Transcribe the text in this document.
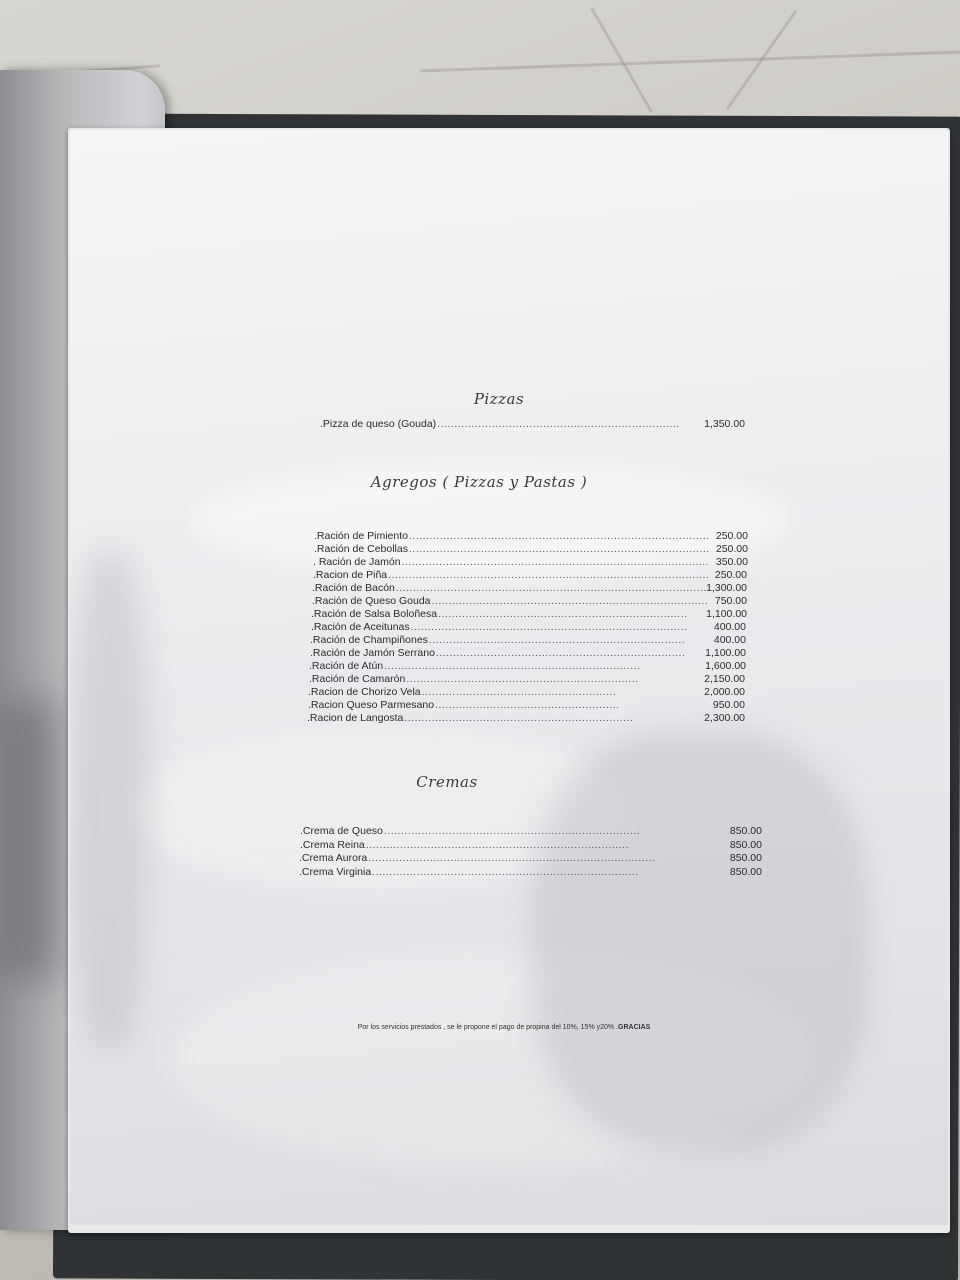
Pizzas
.Pizza de queso (Gouda) .....	1,350.00
Agregos ( Pizzas y Pastas )
.Ración de Pimiento .....	250.00
.Ración de Cebollas .....	250.00
. Ración de Jamón .....	350.00
.Racion de Piña .....	250.00
.Ración de Bacón .....	1,300.00
.Ración de Queso Gouda .....	750.00
.Ración de Salsa Boloñesa .....	1,100.00
.Ración de Aceitunas .....	400.00
.Ración de Champiñones .....	400.00
.Ración de Jamón Serrano .....	1,100.00
.Ración de Atún .....	1,600.00
.Ración de Camarón .....	2,150.00
.Racion de Chorizo Vela .....	2,000.00
.Racion Queso Parmesano .....	950.00
.Racion de Langosta .....	2,300.00
Cremas
.Crema de Queso .....	850.00
.Crema Reina .....	850.00
.Crema Aurora .....	850.00
.Crema Virginia .....	850.00
Por los servicios prestados , se le propone el pago de propina del 10%, 15% y20% .GRACIAS
